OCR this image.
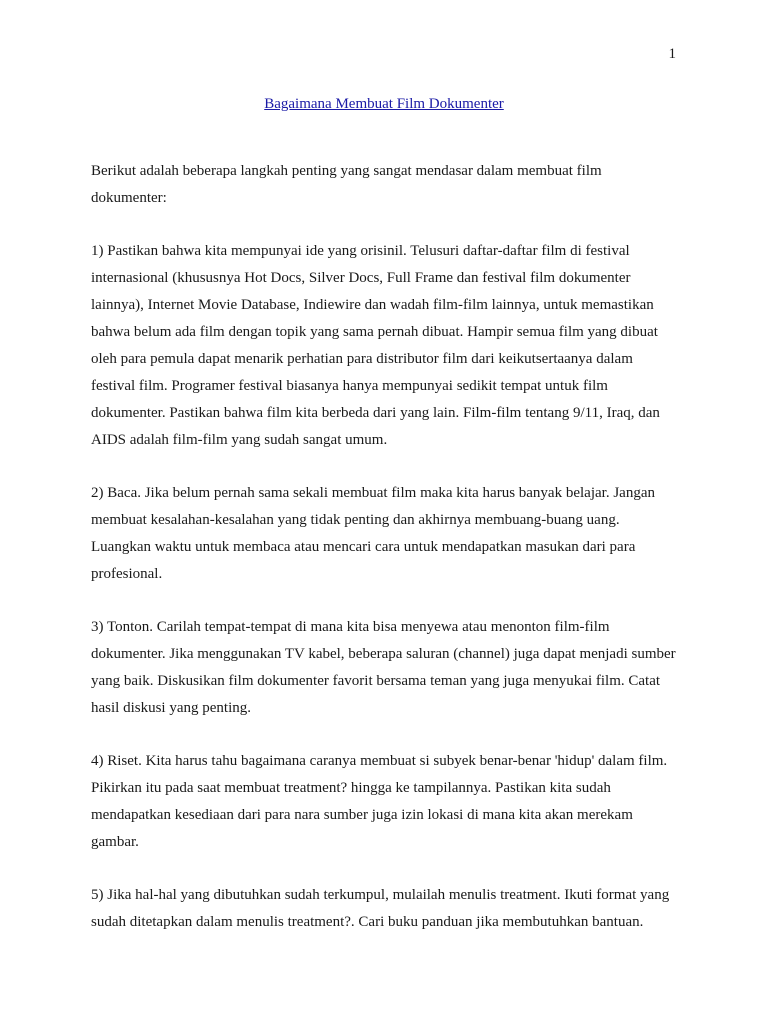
1
Bagaimana Membuat Film Dokumenter
Berikut adalah beberapa langkah penting yang sangat mendasar dalam membuat film
dokumenter:
1) Pastikan bahwa kita mempunyai ide yang orisinil. Telusuri daftar-daftar film di festival
internasional (khususnya Hot Docs, Silver Docs, Full Frame dan festival film dokumenter
lainnya), Internet Movie Database, Indiewire dan wadah film-film lainnya, untuk memastikan
bahwa belum ada film dengan topik yang sama pernah dibuat. Hampir semua film yang dibuat
oleh para pemula dapat menarik perhatian para distributor film dari keikutsertaanya dalam
festival film. Programer festival biasanya hanya mempunyai sedikit tempat untuk film
dokumenter. Pastikan bahwa film kita berbeda dari yang lain. Film-film tentang 9/11, Iraq, dan
AIDS adalah film-film yang sudah sangat umum.
2) Baca. Jika belum pernah sama sekali membuat film maka kita harus banyak belajar. Jangan
membuat kesalahan-kesalahan yang tidak penting dan akhirnya membuang-buang uang.
Luangkan waktu untuk membaca atau mencari cara untuk mendapatkan masukan dari para
profesional.
3) Tonton. Carilah tempat-tempat di mana kita bisa menyewa atau menonton film-film
dokumenter. Jika menggunakan TV kabel, beberapa saluran (channel) juga dapat menjadi sumber
yang baik. Diskusikan film dokumenter favorit bersama teman yang juga menyukai film. Catat
hasil diskusi yang penting.
4) Riset. Kita harus tahu bagaimana caranya membuat si subyek benar-benar 'hidup' dalam film.
Pikirkan itu pada saat membuat treatment? hingga ke tampilannya. Pastikan kita sudah
mendapatkan kesediaan dari para nara sumber juga izin lokasi di mana kita akan merekam
gambar.
5) Jika hal-hal yang dibutuhkan sudah terkumpul, mulailah menulis treatment. Ikuti format yang
sudah ditetapkan dalam menulis treatment?. Cari buku panduan jika membutuhkan bantuan.
